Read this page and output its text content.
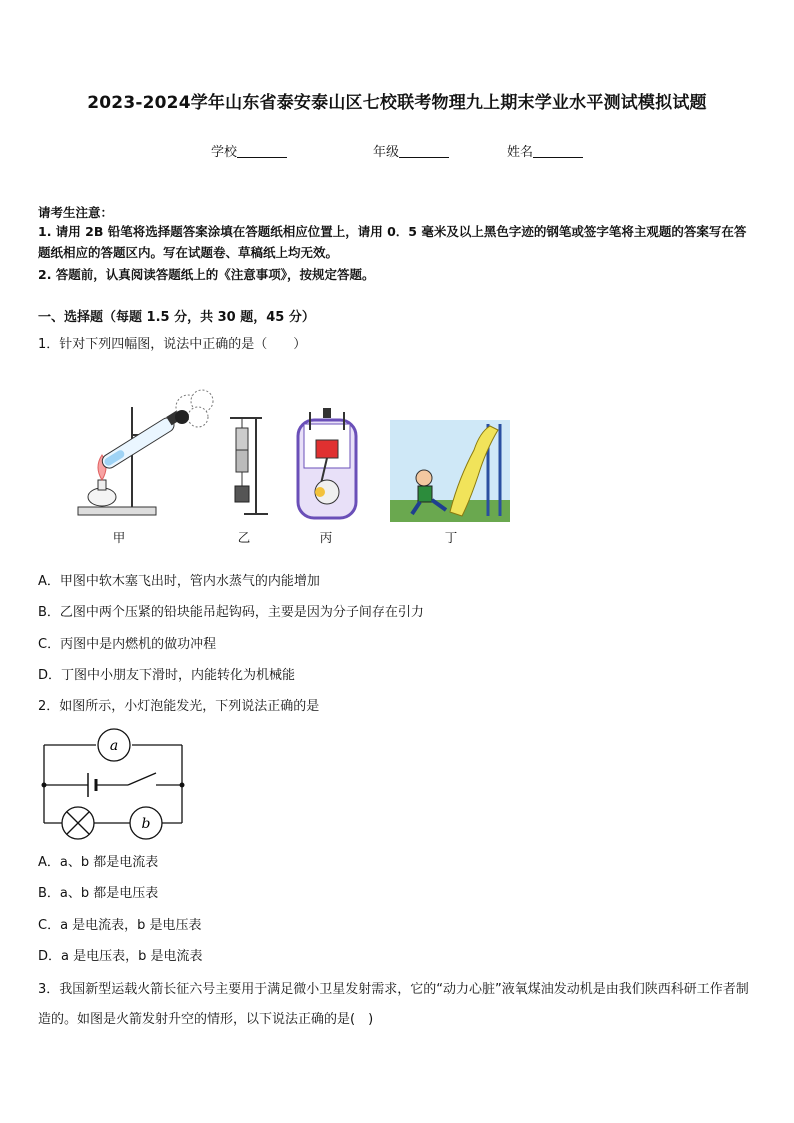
2023-2024学年山东省泰安泰山区七校联考物理九上期末学业水平测试模拟试题
学校	年级	姓名
请考生注意：
1. 请用 2B 铅笔将选择题答案涂填在答题纸相应位置上，请用 0．5 毫米及以上黑色字迹的钢笔或签字笔将主观题的答案写在答题纸相应的答题区内。写在试题卷、草稿纸上均无效。
2. 答题前，认真阅读答题纸上的《注意事项》，按规定答题。
一、选择题（每题 1.5 分，共 30 题，45 分）
1．针对下列四幅图，说法中正确的是（　　）
甲	乙	丙	丁
A．甲图中软木塞飞出时，管内水蒸气的内能增加
B．乙图中两个压紧的铅块能吊起钩码，主要是因为分子间存在引力
C．丙图中是内燃机的做功冲程
D．丁图中小朋友下滑时，内能转化为机械能
2．如图所示，小灯泡能发光，下列说法正确的是
a
b
A．a、b 都是电流表
B．a、b 都是电压表
C．a 是电流表，b 是电压表
D．a 是电压表，b 是电流表
3．我国新型运载火箭长征六号主要用于满足微小卫星发射需求，它的“动力心脏”液氧煤油发动机是由我们陕西科研工作者制造的。如图是火箭发射升空的情形，以下说法正确的是(　)
